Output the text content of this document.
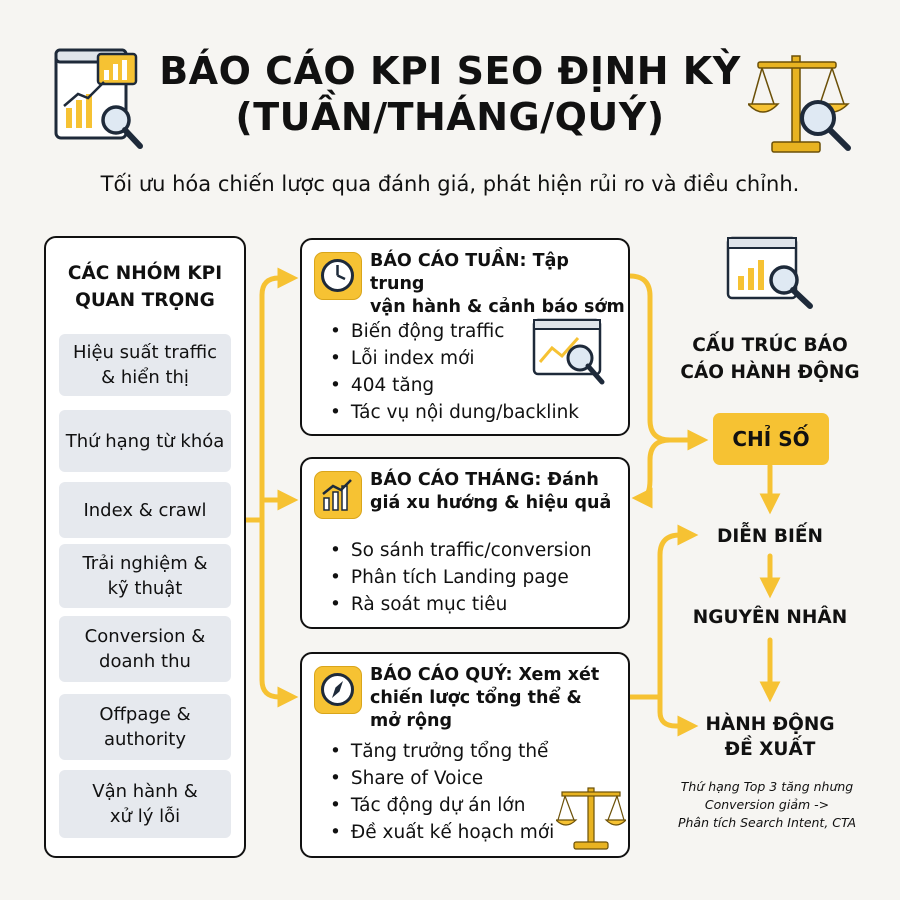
BÁO CÁO KPI SEO ĐỊNH KỲ
(TUẦN/THÁNG/QUÝ)
Tối ưu hóa chiến lược qua đánh giá, phát hiện rủi ro và điều chỉnh.
CÁC NHÓM KPI
QUAN TRỌNG
Hiệu suất traffic
& hiển thị
Thứ hạng từ khóa
Index & crawl
Trải nghiệm &
kỹ thuật
Conversion &
doanh thu
Offpage &
authority
Vận hành &
xử lý lỗi
BÁO CÁO TUẦN: Tập trung
vận hành & cảnh báo sớm
• Biến động traffic
• Lỗi index mới
• 404 tăng
• Tác vụ nội dung/backlink
BÁO CÁO THÁNG: Đánh
giá xu hướng & hiệu quả
• So sánh traffic/conversion
• Phân tích Landing page
• Rà soát mục tiêu
BÁO CÁO QUÝ: Xem xét
chiến lược tổng thể &
mở rộng
• Tăng trưởng tổng thể
• Share of Voice
• Tác động dự án lớn
• Đề xuất kế hoạch mới
CẤU TRÚC BÁO
CÁO HÀNH ĐỘNG
CHỈ SỐ
DIỄN BIẾN
NGUYÊN NHÂN
HÀNH ĐỘNG
ĐỀ XUẤT
Thứ hạng Top 3 tăng nhưng
Conversion giảm ->
Phân tích Search Intent, CTA
